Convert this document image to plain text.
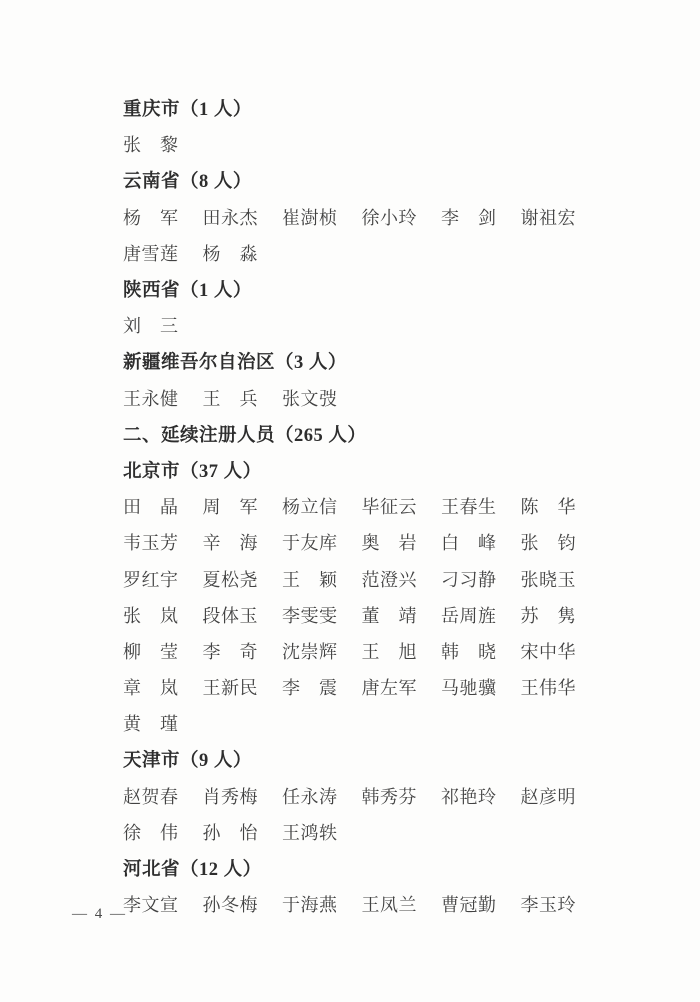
重庆市（1 人）
张　黎
云南省（8 人）
杨　军 田永杰 崔澍桢 徐小玲 李　剑 谢祖宏
唐雪莲 杨　淼
陕西省（1 人）
刘　三
新疆维吾尔自治区（3 人）
王永健 王　兵 张文弢
二、延续注册人员（265 人）
北京市（37 人）
田　晶 周　军 杨立信 毕征云 王春生 陈　华
韦玉芳 辛　海 于友库 奥　岩 白　峰 张　钧
罗红宇 夏松尧 王　颖 范澄兴 刁习静 张晓玉
张　岚 段体玉 李雯雯 董　靖 岳周旌 苏　隽
柳　莹 李　奇 沈崇辉 王　旭 韩　晓 宋中华
章　岚 王新民 李　震 唐左军 马驰骥 王伟华
黄　瑾
天津市（9 人）
赵贺春 肖秀梅 任永涛 韩秀芬 祁艳玲 赵彦明
徐　伟 孙　怡 王鸿轶
河北省（12 人）
李文宣 孙冬梅 于海燕 王凤兰 曹冠勤 李玉玲
— 4 —
